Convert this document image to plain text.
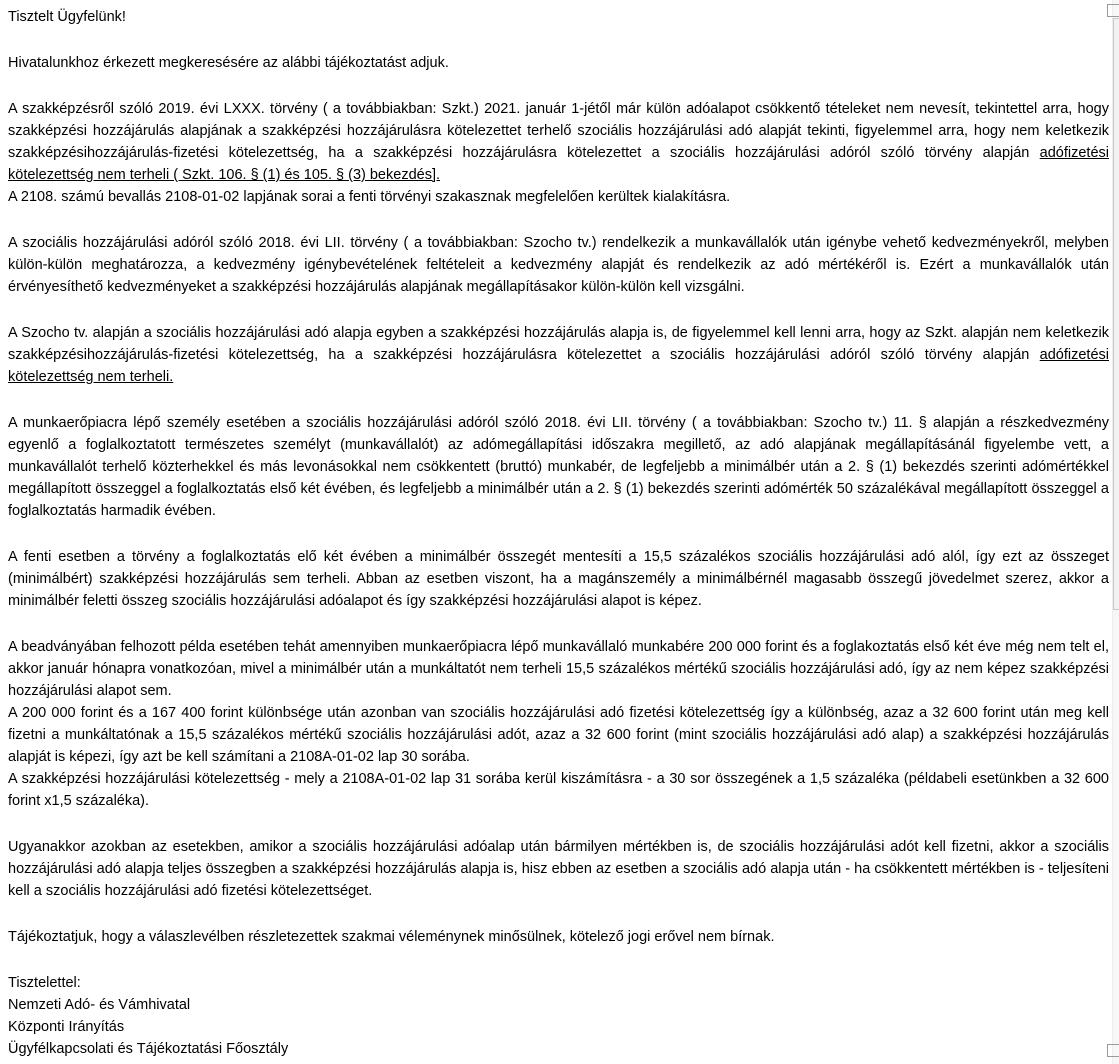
Tisztelt Ügyfelünk!

Hivatalunkhoz érkezett megkeresésére az alábbi tájékoztatást adjuk.

A szakképzésről szóló 2019. évi LXXX. törvény ( a továbbiakban: Szkt.) 2021. január 1-jétől már külön adóalapot csökkentő tételeket nem nevesít, tekintettel arra, hogy szakképzési hozzájárulás alapjának a szakképzési hozzájárulásra kötelezettet terhelő szociális hozzájárulási adó alapját tekinti, figyelemmel arra, hogy nem keletkezik szakképzésihozzájárulás-fizetési kötelezettség, ha a szakképzési hozzájárulásra kötelezettet a szociális hozzájárulási adóról szóló törvény alapján adófizetési kötelezettség nem terheli ( Szkt. 106. § (1) és 105. § (3) bekezdés].

A 2108. számú bevallás 2108-01-02 lapjának sorai a fenti törvényi szakasznak megfelelően kerültek kialakításra.

A szociális hozzájárulási adóról szóló 2018. évi LII. törvény ( a továbbiakban: Szocho tv.) rendelkezik a munkavállalók után igénybe vehető kedvezményekről, melyben külön-külön meghatározza, a kedvezmény igénybevételének feltételeit a kedvezmény alapját és rendelkezik az adó mértékéről is. Ezért a munkavállalók után érvényesíthető kedvezményeket a szakképzési hozzájárulás alapjának megállapításakor külön-külön kell vizsgálni.

A Szocho tv. alapján a szociális hozzájárulási adó alapja egyben a szakképzési hozzájárulás alapja is, de figyelemmel kell lenni arra, hogy az Szkt. alapján nem keletkezik szakképzésihozzájárulás-fizetési kötelezettség, ha a szakképzési hozzájárulásra kötelezettet a szociális hozzájárulási adóról szóló törvény alapján adófizetési kötelezettség nem terheli.

A munkaerőpiacra lépő személy esetében a szociális hozzájárulási adóról szóló 2018. évi LII. törvény ( a továbbiakban: Szocho tv.) 11. § alapján a részkedvezmény egyenlő a foglalkoztatott természetes személyt (munkavállalót) az adómegállapítási időszakra megillető, az adó alapjának megállapításánál figyelembe vett, a munkavállalót terhelő közterhekkel és más levonásokkal nem csökkentett (bruttó) munkabér, de legfeljebb a minimálbér után a 2. § (1) bekezdés szerinti adómértékkel megállapított összeggel a foglalkoztatás első két évében, és legfeljebb a minimálbér után a 2. § (1) bekezdés szerinti adómérték 50 százalékával megállapított összeggel a foglalkoztatás harmadik évében.

A fenti esetben a törvény a foglalkoztatás elő két évében a minimálbér összegét mentesíti a 15,5 százalékos szociális hozzájárulási adó alól, így ezt az összeget (minimálbért) szakképzési hozzájárulás sem terheli. Abban az esetben viszont, ha a magánszemély a minimálbérnél magasabb összegű jövedelmet szerez, akkor a minimálbér feletti összeg szociális hozzájárulási adóalapot és így szakképzési hozzájárulási alapot is képez.

A beadványában felhozott példa esetében tehát amennyiben munkaerőpiacra lépő munkavállaló munkabére 200 000 forint és a foglakoztatás első két éve még nem telt el, akkor január hónapra vonatkozóan, mivel a minimálbér után a munkáltatót nem terheli 15,5 százalékos mértékű szociális hozzájárulási adó, így az nem képez szakképzési hozzájárulási alapot sem.

A 200 000 forint és a 167 400 forint különbsége után azonban van szociális hozzájárulási adó fizetési kötelezettség így a különbség, azaz a 32 600 forint után meg kell fizetni a munkáltatónak a 15,5 százalékos mértékű szociális hozzájárulási adót, azaz a 32 600 forint (mint szociális hozzájárulási adó alap) a szakképzési hozzájárulás alapját is képezi, így azt be kell számítani a 2108A-01-02 lap 30 sorába.

A szakképzési hozzájárulási kötelezettség - mely a 2108A-01-02 lap 31 sorába kerül kiszámításra - a 30 sor összegének a 1,5 százaléka (példabeli esetünkben a 32 600 forint x1,5 százaléka).

Ugyanakkor azokban az esetekben, amikor a szociális hozzájárulási adóalap után bármilyen mértékben is, de szociális hozzájárulási adót kell fizetni, akkor a szociális hozzájárulási adó alapja teljes összegben a szakképzési hozzájárulás alapja is, hisz ebben az esetben a szociális adó alapja után - ha csökkentett mértékben is - teljesíteni kell a szociális hozzájárulási adó fizetési kötelezettséget.

Tájékoztatjuk, hogy a válaszlevélben részletezettek szakmai véleménynek minősülnek, kötelező jogi erővel nem bírnak.

Tisztelettel:

Nemzeti Adó- és Vámhivatal

Központi Irányítás

Ügyfélkapcsolati és Tájékoztatási Főosztály
